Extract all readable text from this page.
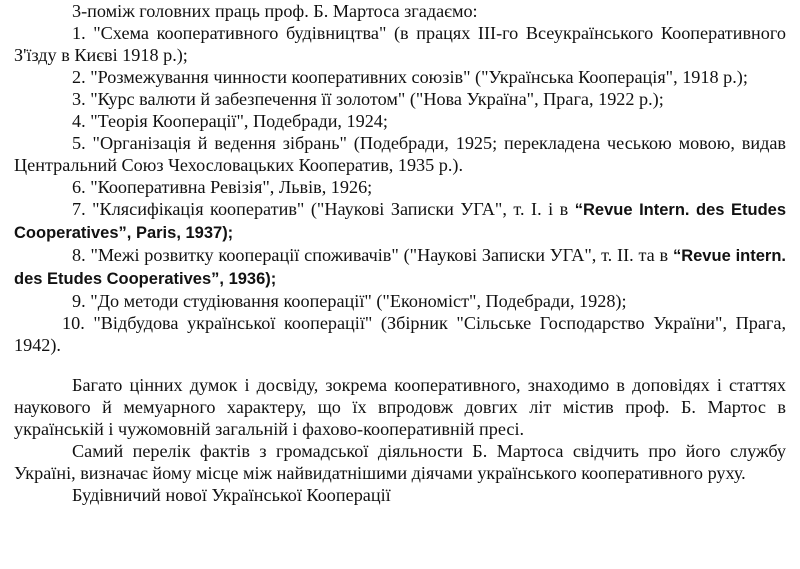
3-поміж головних праць проф. Б. Мартоса згадаємо:

1. "Схема кооперативного будівництва" (в працях III-го Всеукраїнського Кооперативного З'їзду в Києві 1918 р.);

2. "Розмежування чинности кооперативних союзів" ("Українська Кооперація", 1918 р.);

3. "Курс валюти й забезпечення її золотом" ("Нова Україна", Прага, 1922 р.);

4. "Теорія Кооперації", Подебради, 1924;

5. "Організація й ведення зібрань" (Подебради, 1925; перекладена чеською мовою, видав Центральний Союз Чехословацьких Кооператив, 1935 р.).

6. "Кооперативна Ревізія", Львів, 1926;

7. "Клясифікація кооператив" ("Наукові Записки УГА", т. I. і в “Revue Intern. des Etudes Cooperatives”, Paris, 1937);

8. "Межі розвитку кооперації споживачів" ("Наукові Записки УГА", т. II. та в “Revue intern. des Etudes Cooperatives”, 1936);

9. "До методи студіювання кооперації" ("Економіст", Подебради, 1928);

10. "Відбудова української кооперації" (Збірник "Сільське Господарство України", Прага, 1942).

Багато цінних думок і досвіду, зокрема кооперативного, знаходимо в доповідях і статтях наукового й мемуарного характеру, що їх впродовж довгих літ містив проф. Б. Мартос в українській і чужомовній загальній і фахово-кооперативній пресі.

Самий перелік фактів з громадської діяльности Б. Мартоса свідчить про його службу Україні, визначає йому місце між найвидатнішими діячами українського кооперативного руху.

Будівничий нової Української Кооперації
